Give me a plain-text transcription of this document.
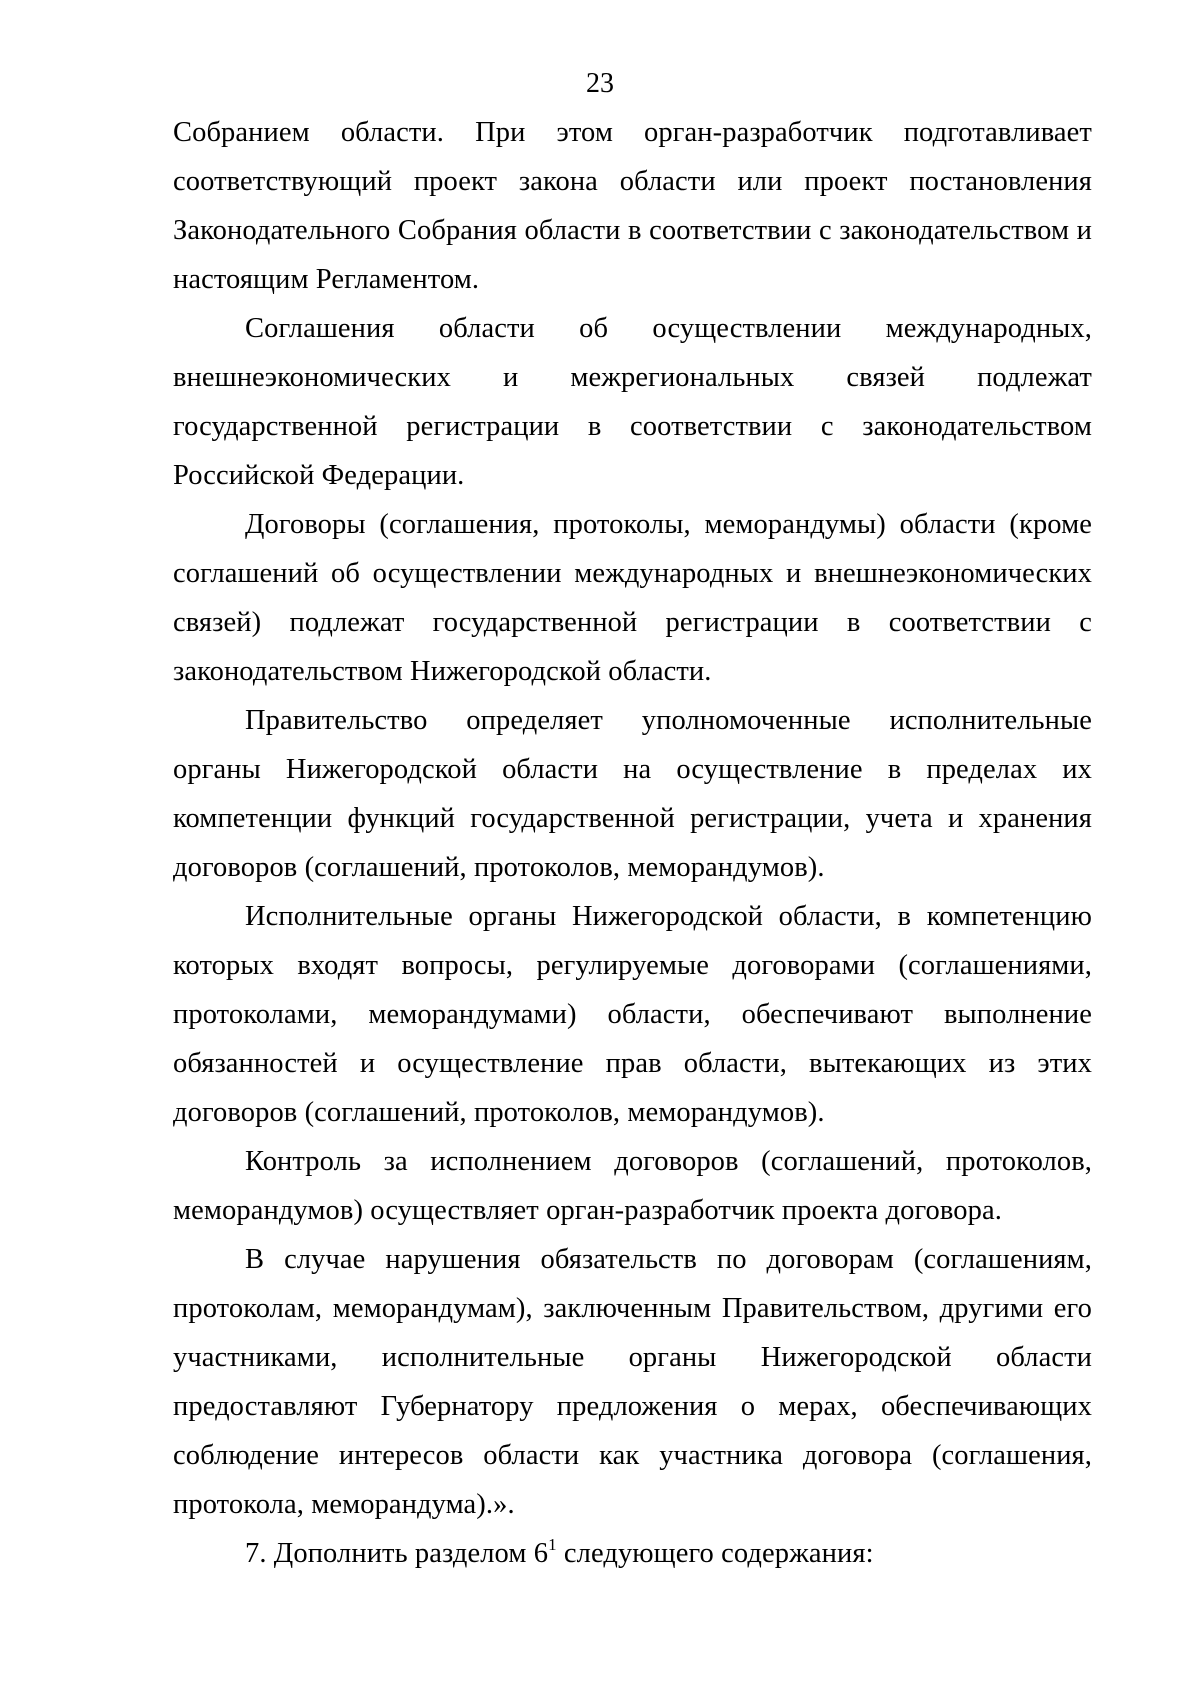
23

Собранием области. При этом орган-разработчик подготавливает соответствующий проект закона области или проект постановления Законодательного Собрания области в соответствии с законодательством и настоящим Регламентом.

Соглашения области об осуществлении международных, внешнеэкономических и межрегиональных связей подлежат государственной регистрации в соответствии с законодательством Российской Федерации.

Договоры (соглашения, протоколы, меморандумы) области (кроме соглашений об осуществлении международных и внешнеэкономических связей) подлежат государственной регистрации в соответствии с законодательством Нижегородской области.

Правительство определяет уполномоченные исполнительные органы Нижегородской области на осуществление в пределах их компетенции функций государственной регистрации, учета и хранения договоров (соглашений, протоколов, меморандумов).

Исполнительные органы Нижегородской области, в компетенцию которых входят вопросы, регулируемые договорами (соглашениями, протоколами, меморандумами) области, обеспечивают выполнение обязанностей и осуществление прав области, вытекающих из этих договоров (соглашений, протоколов, меморандумов).

Контроль за исполнением договоров (соглашений, протоколов, меморандумов) осуществляет орган-разработчик проекта договора.

В случае нарушения обязательств по договорам (соглашениям, протоколам, меморандумам), заключенным Правительством, другими его участниками, исполнительные органы Нижегородской области предоставляют Губернатору предложения о мерах, обеспечивающих соблюдение интересов области как участника договора (соглашения, протокола, меморандума).».

7. Дополнить разделом $6^1$ следующего содержания:
